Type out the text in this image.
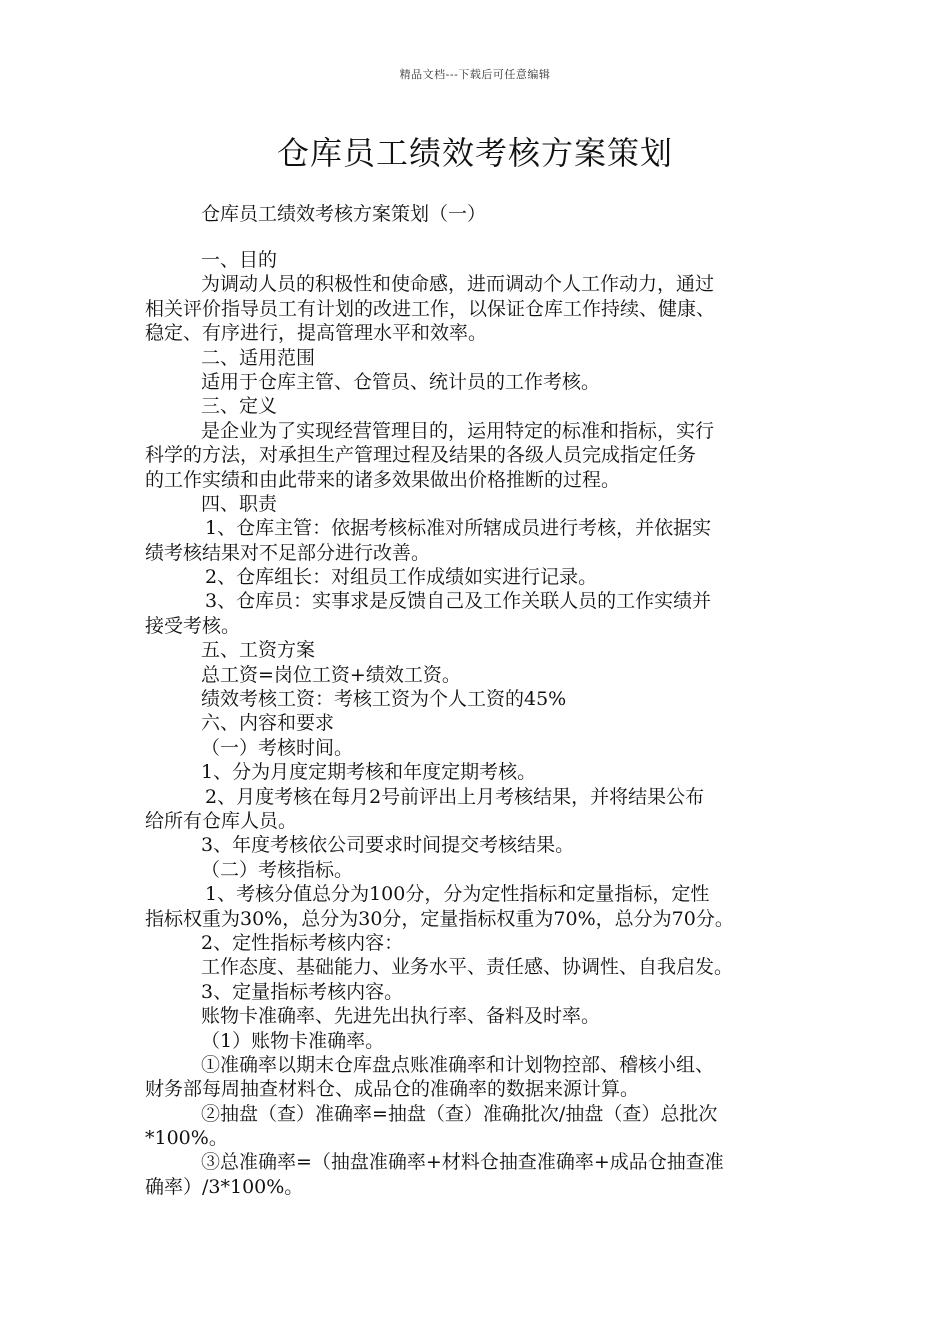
精品文档---下载后可任意编辑
仓库员工绩效考核方案策划
仓库员工绩效考核方案策划（一）
一、目的
为调动人员的积极性和使命感，进而调动个人工作动力，通过
相关评价指导员工有计划的改进工作，以保证仓库工作持续、健康、
稳定、有序进行，提高管理水平和效率。
二、适用范围
适用于仓库主管、仓管员、统计员的工作考核。
三、定义
是企业为了实现经营管理目的，运用特定的标准和指标，实行
科学的方法，对承担生产管理过程及结果的各级人员完成指定任务
的工作实绩和由此带来的诸多效果做出价格推断的过程。
四、职责
1、仓库主管：依据考核标准对所辖成员进行考核，并依据实
绩考核结果对不足部分进行改善。
2、仓库组长：对组员工作成绩如实进行记录。
3、仓库员：实事求是反馈自己及工作关联人员的工作实绩并
接受考核。
五、工资方案
总工资=岗位工资+绩效工资。
绩效考核工资：考核工资为个人工资的45%
六、内容和要求
（一）考核时间。
1、分为月度定期考核和年度定期考核。
2、月度考核在每月2号前评出上月考核结果，并将结果公布
给所有仓库人员。
3、年度考核依公司要求时间提交考核结果。
（二）考核指标。
1、考核分值总分为100分，分为定性指标和定量指标，定性
指标权重为30%，总分为30分，定量指标权重为70%，总分为70分。
2、定性指标考核内容：
工作态度、基础能力、业务水平、责任感、协调性、自我启发。
3、定量指标考核内容。
账物卡准确率、先进先出执行率、备料及时率。
（1）账物卡准确率。
①准确率以期末仓库盘点账准确率和计划物控部、稽核小组、
财务部每周抽查材料仓、成品仓的准确率的数据来源计算。
②抽盘（查）准确率=抽盘（查）准确批次/抽盘（查）总批次
*100%。
③总准确率=（抽盘准确率+材料仓抽查准确率+成品仓抽查准
确率）/3*100%。
